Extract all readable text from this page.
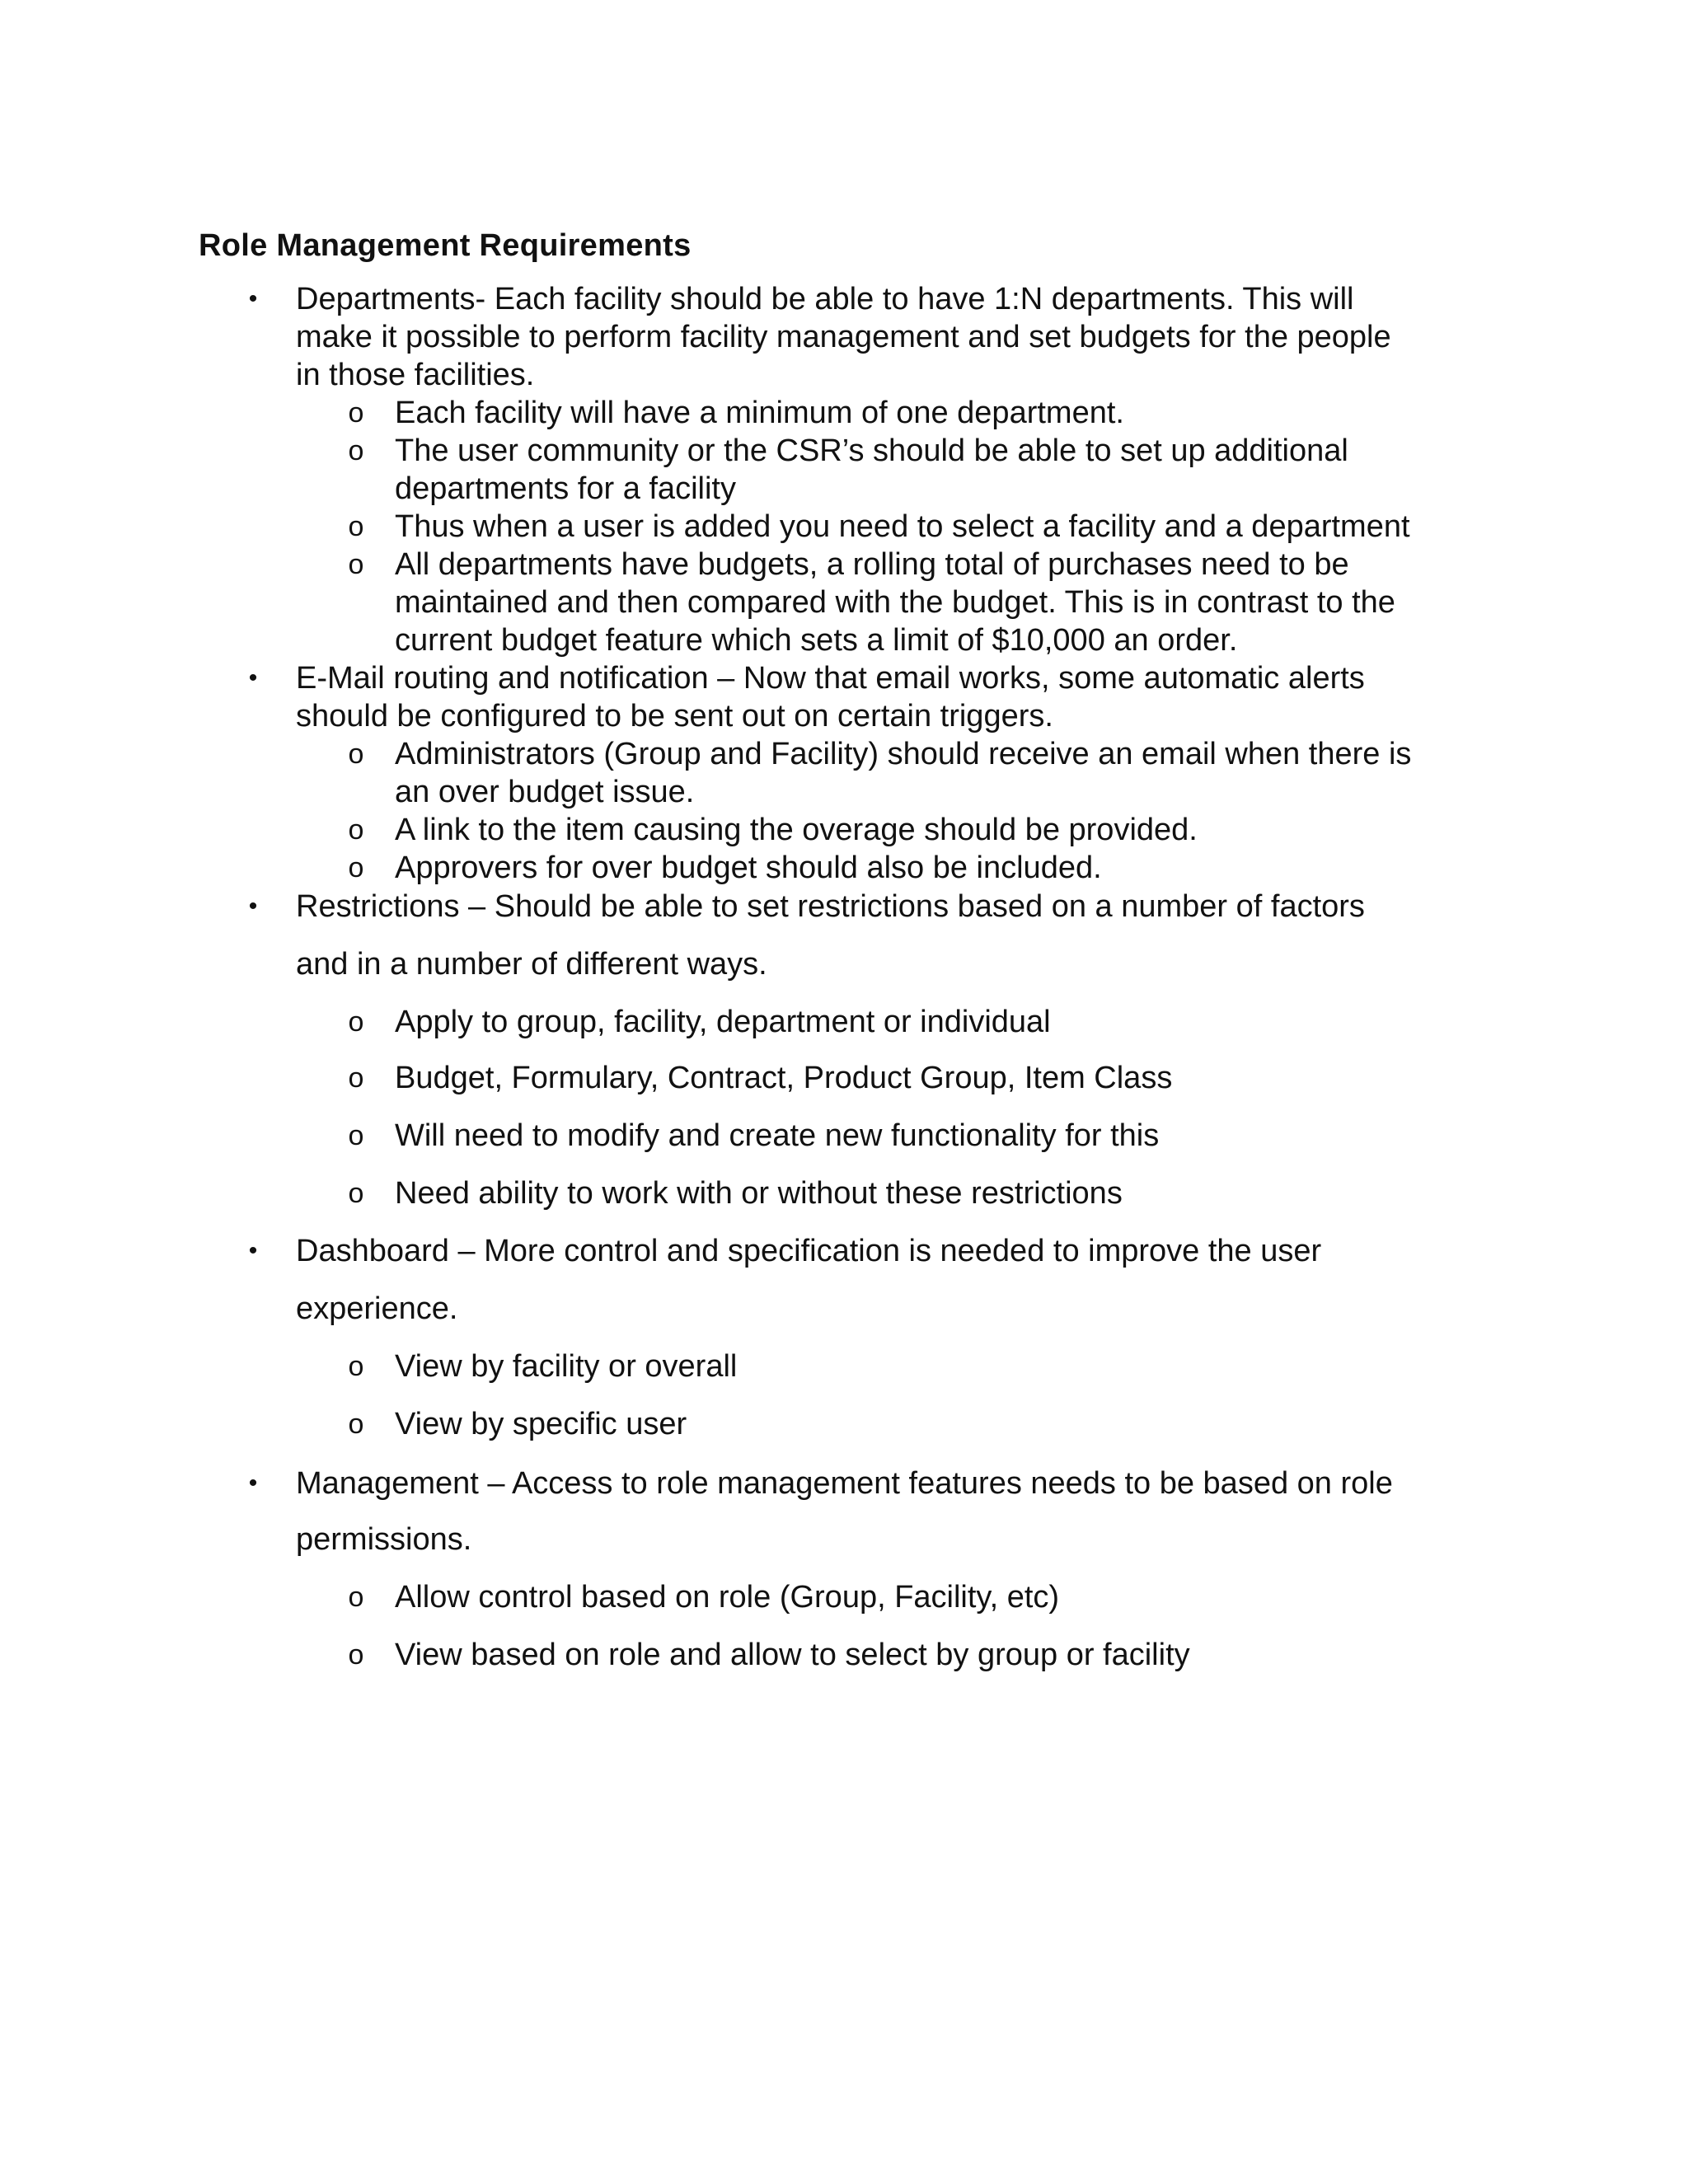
Role Management Requirements
• Departments- Each facility should be able to have 1:N departments. This will
make it possible to perform facility management and set budgets for the people
in those facilities.
o Each facility will have a minimum of one department.
o The user community or the CSR’s should be able to set up additional
departments for a facility
o Thus when a user is added you need to select a facility and a department
o All departments have budgets, a rolling total of purchases need to be
maintained and then compared with the budget. This is in contrast to the
current budget feature which sets a limit of $10,000 an order.
• E-Mail routing and notification – Now that email works, some automatic alerts
should be configured to be sent out on certain triggers.
o Administrators (Group and Facility) should receive an email when there is
an over budget issue.
o A link to the item causing the overage should be provided.
o Approvers for over budget should also be included.
• Restrictions – Should be able to set restrictions based on a number of factors
and in a number of different ways.
o Apply to group, facility, department or individual
o Budget, Formulary, Contract, Product Group, Item Class
o Will need to modify and create new functionality for this
o Need ability to work with or without these restrictions
• Dashboard – More control and specification is needed to improve the user
experience.
o View by facility or overall
o View by specific user
• Management – Access to role management features needs to be based on role
permissions.
o Allow control based on role (Group, Facility, etc)
o View based on role and allow to select by group or facility
